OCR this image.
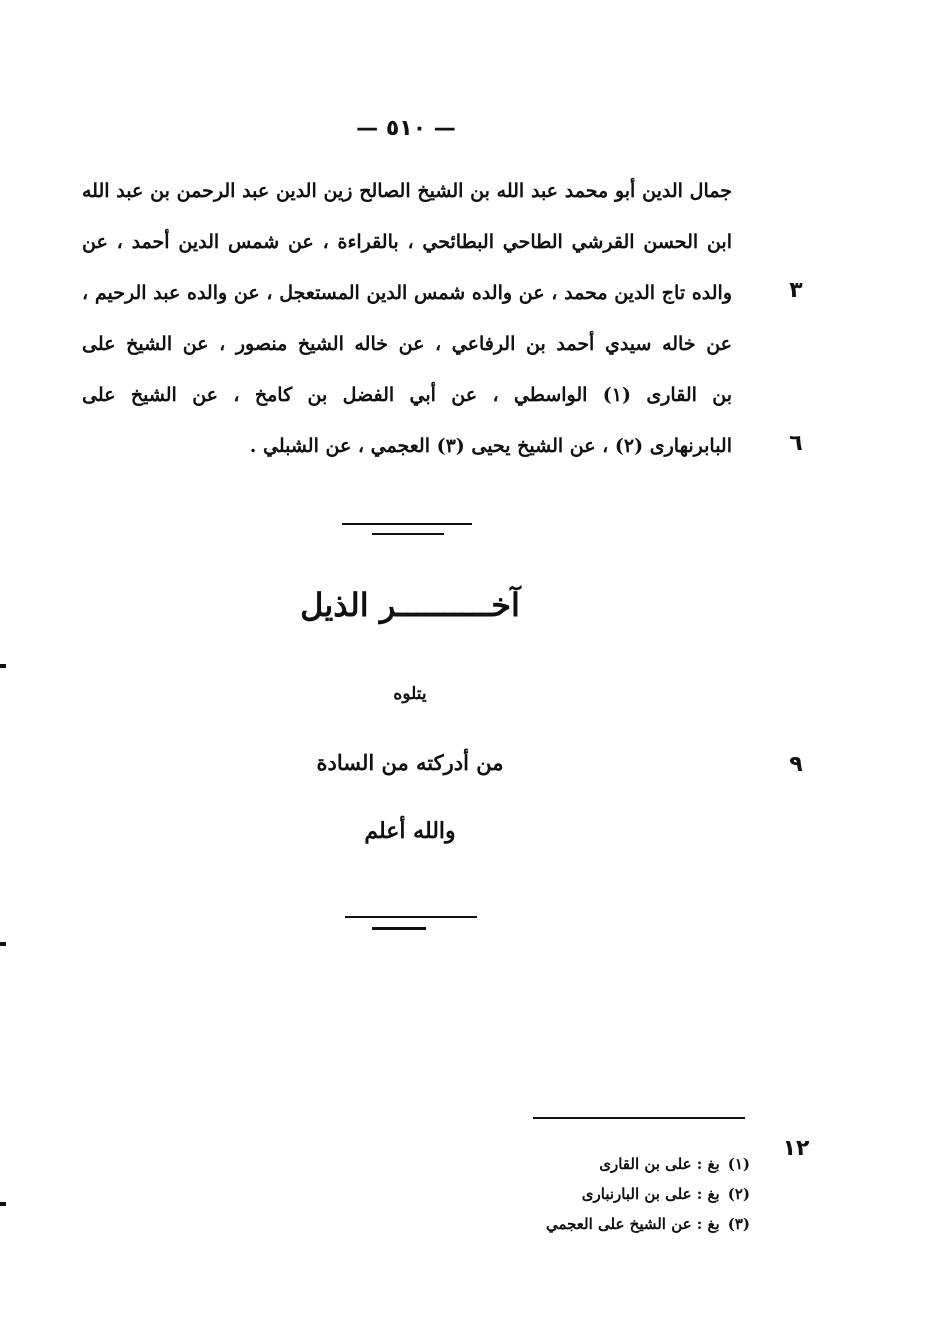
— ٥١٠ —
جمال الدين أبو محمد عبد الله بن الشيخ الصالح زين الدين عبد الرحمن بن عبد الله
ابن الحسن القرشي الطاحي البطائحي ، بالقراءة ، عن شمس الدين أحمد ، عن
والده تاج الدين محمد ، عن والده شمس الدين المستعجل ، عن والده عبد الرحيم ،
عن خاله سيدي أحمد بن الرفاعي ، عن خاله الشيخ منصور ، عن الشيخ على
بن القارى (١) الواسطي ، عن أبي الفضل بن كامخ ، عن الشيخ على
البابرنهارى (٢) ، عن الشيخ يحيى (٣) العجمي ، عن الشبلي .
٣
٦
آخــــــــــر الذيل
يتلوه
من أدركته من السادة	٩
والله أعلم
١٢
(١)بغ : على بن القارى
(٢)بغ : على بن البارنبارى
(٣)بغ : عن الشيخ على العجمي
